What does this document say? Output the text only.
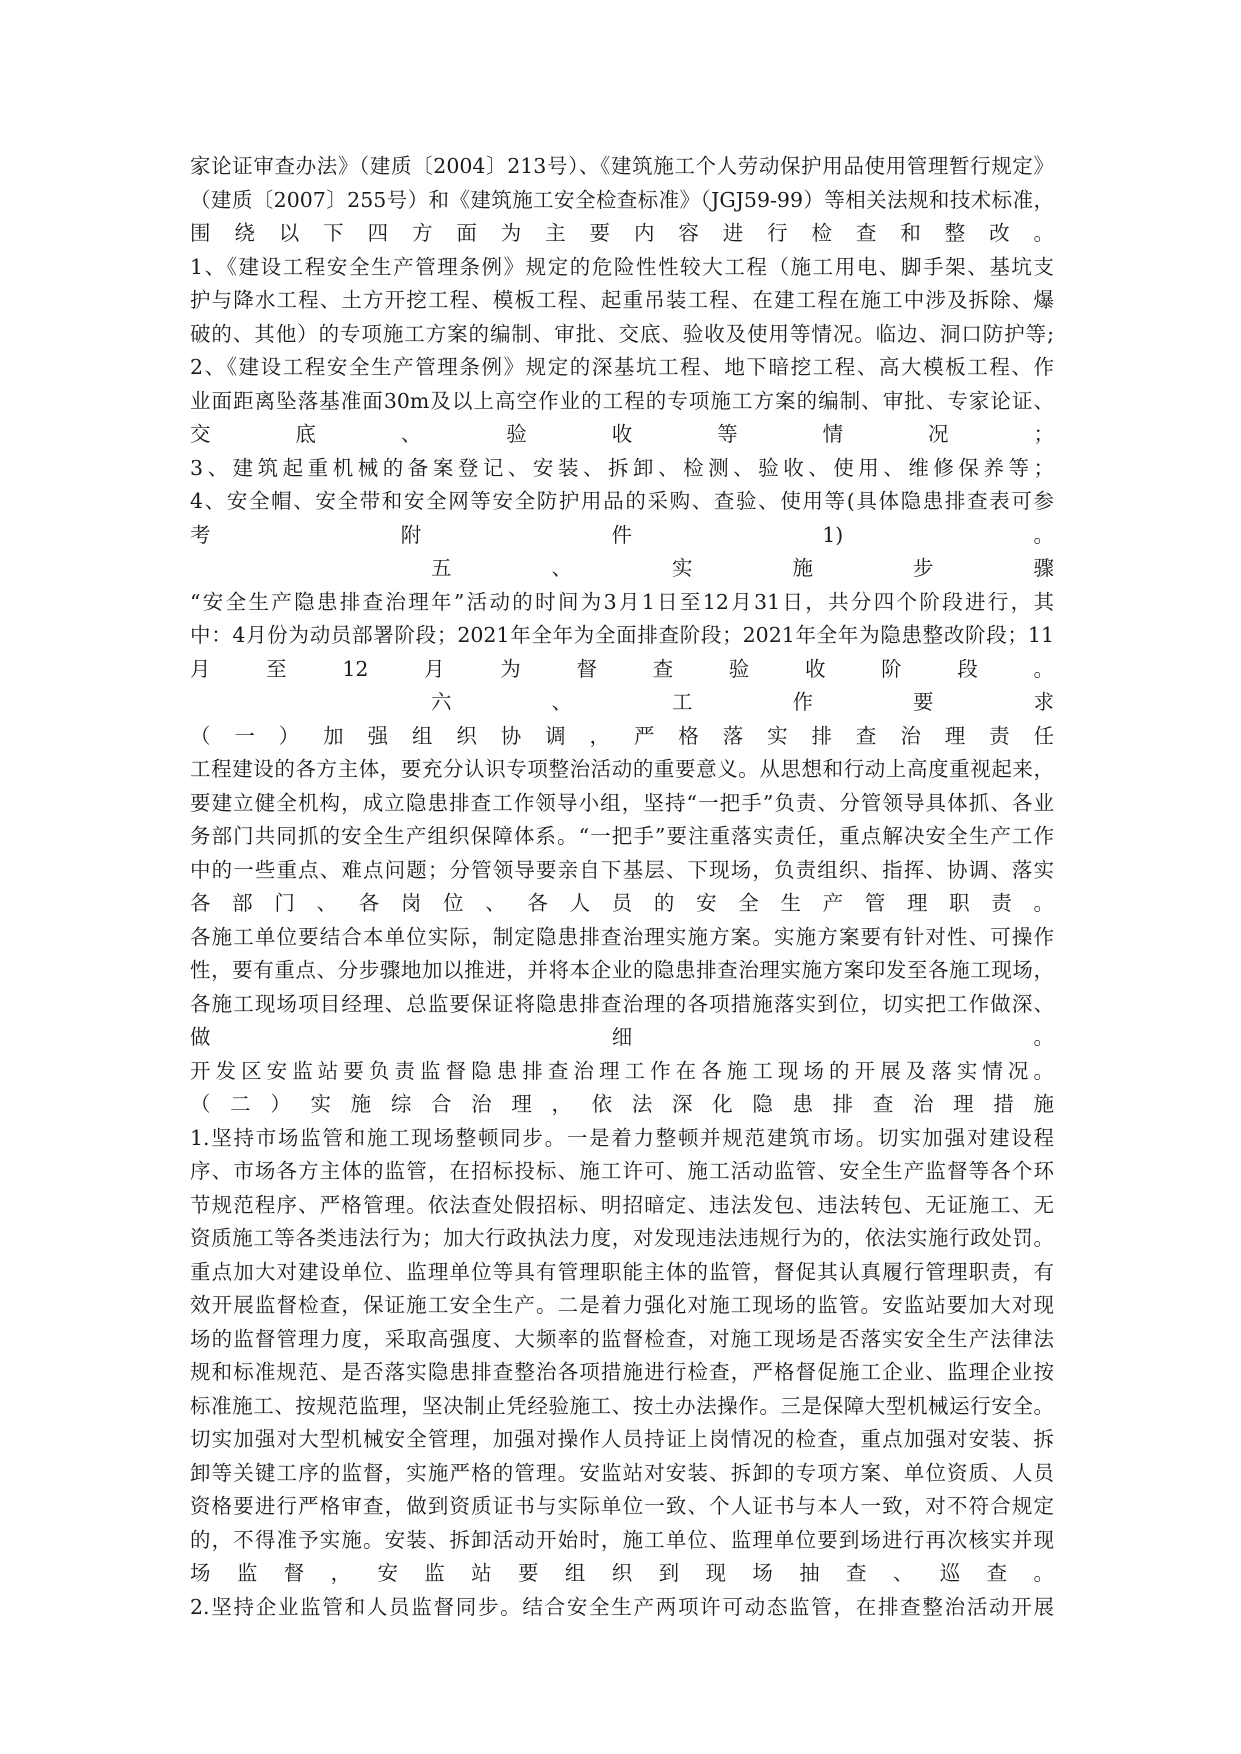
家论证审查办法》（建质〔2004〕213号）、《建筑施工个人劳动保护用品使用管理暂行规定》
（建质〔2007〕255号）和《建筑施工安全检查标准》（JGJ59-99）等相关法规和技术标准，
围绕以下四方面为主要内容进行检查和整改。
1、《建设工程安全生产管理条例》规定的危险性性较大工程（施工用电、脚手架、基坑支
护与降水工程、土方开挖工程、模板工程、起重吊装工程、在建工程在施工中涉及拆除、爆
破的、其他）的专项施工方案的编制、审批、交底、验收及使用等情况。临边、洞口防护等;
2、《建设工程安全生产管理条例》规定的深基坑工程、地下暗挖工程、高大模板工程、作
业面距离坠落基准面30m及以上高空作业的工程的专项施工方案的编制、审批、专家论证、
交底、验收等情况；
3、建筑起重机械的备案登记、安装、拆卸、检测、验收、使用、维修保养等；
4、安全帽、安全带和安全网等安全防护用品的采购、查验、使用等(具体隐患排查表可参
考附件1)。
　　五、实施步骤
“安全生产隐患排查治理年”活动的时间为3月1日至12月31日，共分四个阶段进行，其
中：4月份为动员部署阶段；2021年全年为全面排查阶段；2021年全年为隐患整改阶段；11
月至12月为督查验收阶段。
　　六、工作要求
（一）加强组织协调，严格落实排查治理责任
工程建设的各方主体，要充分认识专项整治活动的重要意义。从思想和行动上高度重视起来，
要建立健全机构，成立隐患排查工作领导小组，坚持“一把手”负责、分管领导具体抓、各业
务部门共同抓的安全生产组织保障体系。“一把手”要注重落实责任，重点解决安全生产工作
中的一些重点、难点问题；分管领导要亲自下基层、下现场，负责组织、指挥、协调、落实
各部门、各岗位、各人员的安全生产管理职责。
各施工单位要结合本单位实际，制定隐患排查治理实施方案。实施方案要有针对性、可操作
性，要有重点、分步骤地加以推进，并将本企业的隐患排查治理实施方案印发至各施工现场，
各施工现场项目经理、总监要保证将隐患排查治理的各项措施落实到位，切实把工作做深、
做细。
开发区安监站要负责监督隐患排查治理工作在各施工现场的开展及落实情况。
（二）实施综合治理，依法深化隐患排查治理措施
1.坚持市场监管和施工现场整顿同步。一是着力整顿并规范建筑市场。切实加强对建设程
序、市场各方主体的监管，在招标投标、施工许可、施工活动监管、安全生产监督等各个环
节规范程序、严格管理。依法查处假招标、明招暗定、违法发包、违法转包、无证施工、无
资质施工等各类违法行为；加大行政执法力度，对发现违法违规行为的，依法实施行政处罚。
重点加大对建设单位、监理单位等具有管理职能主体的监管，督促其认真履行管理职责，有
效开展监督检查，保证施工安全生产。二是着力强化对施工现场的监管。安监站要加大对现
场的监督管理力度，采取高强度、大频率的监督检查，对施工现场是否落实安全生产法律法
规和标准规范、是否落实隐患排查整治各项措施进行检查，严格督促施工企业、监理企业按
标准施工、按规范监理，坚决制止凭经验施工、按土办法操作。三是保障大型机械运行安全。
切实加强对大型机械安全管理，加强对操作人员持证上岗情况的检查，重点加强对安装、拆
卸等关键工序的监督，实施严格的管理。安监站对安装、拆卸的专项方案、单位资质、人员
资格要进行严格审查，做到资质证书与实际单位一致、个人证书与本人一致，对不符合规定
的，不得准予实施。安装、拆卸活动开始时，施工单位、监理单位要到场进行再次核实并现
场监督，安监站要组织到现场抽查、巡查。
2.坚持企业监管和人员监督同步。结合安全生产两项许可动态监管，在排查整治活动开展
